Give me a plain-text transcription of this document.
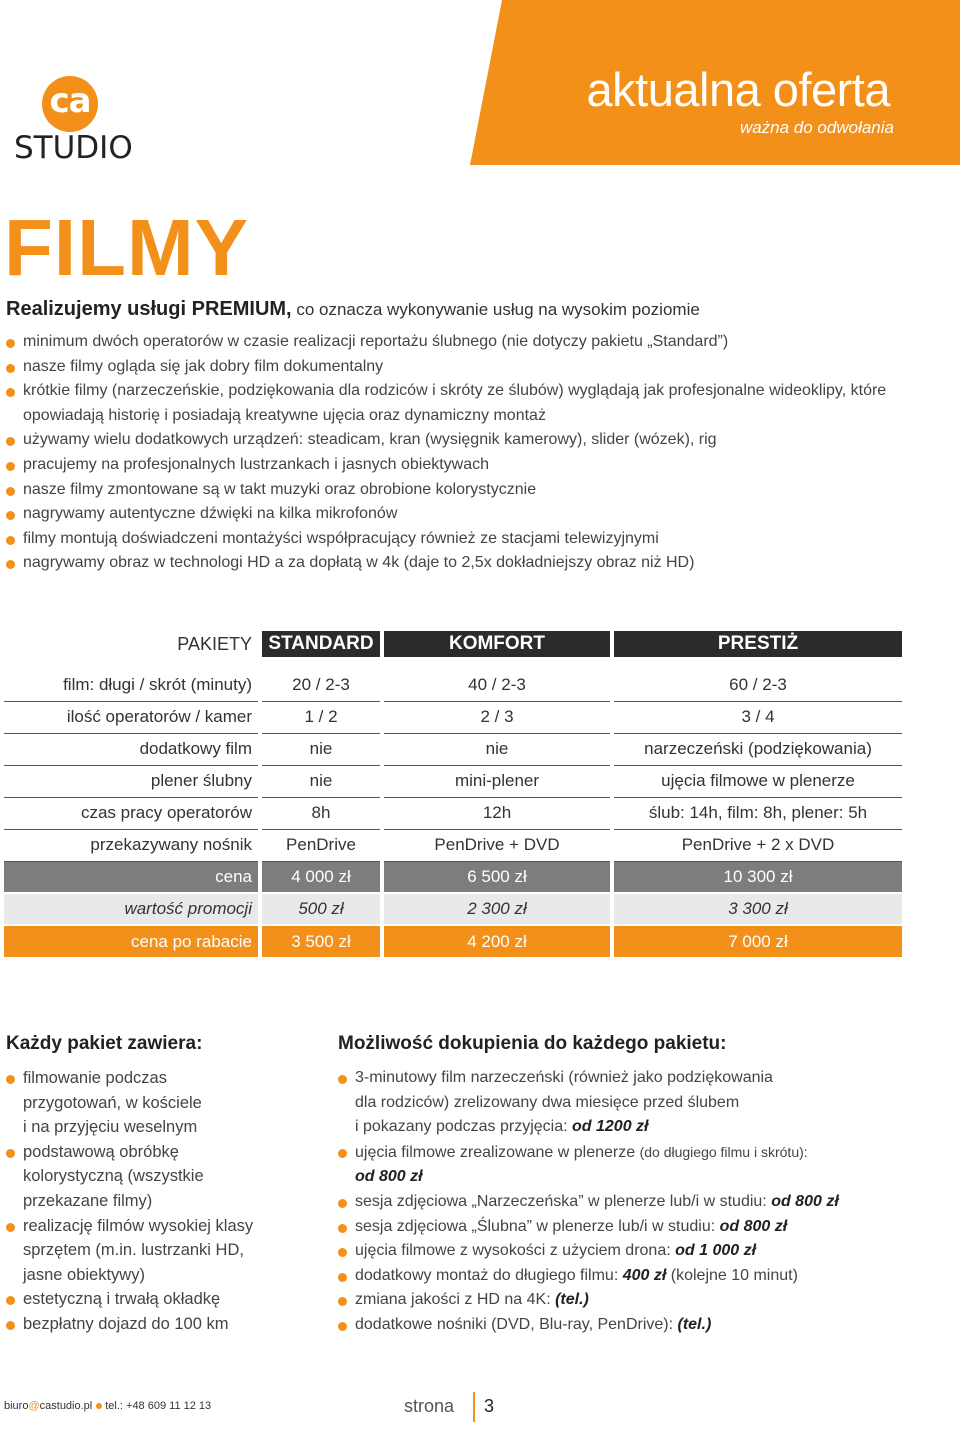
aktualna oferta
ważna do odwołania
ca
STUDIO
FILMY
Realizujemy usługi PREMIUM, co oznacza wykonywanie usług na wysokim poziomie
minimum dwóch operatorów w czasie realizacji reportażu ślubnego (nie dotyczy pakietu „Standard”)
nasze filmy ogląda się jak dobry film dokumentalny
krótkie filmy (narzeczeńskie, podziękowania dla rodziców i skróty ze ślubów) wyglądają jak profesjonalne wideoklipy, które opowiadają historię i posiadają kreatywne ujęcia oraz dynamiczny montaż
używamy wielu dodatkowych urządzeń: steadicam, kran (wysięgnik kamerowy), slider (wózek), rig
pracujemy na profesjonalnych lustrzankach i jasnych obiektywach
nasze filmy zmontowane są w takt muzyki oraz obrobione kolorystycznie
nagrywamy autentyczne dźwięki na kilka mikrofonów
filmy montują doświadczeni montażyści współpracujący również ze stacjami telewizyjnymi
nagrywamy obraz w technologi HD a za dopłatą w 4k (daje to 2,5x dokładniejszy obraz niż HD)
PAKIETY	STANDARD	KOMFORT	PRESTIŻ

film: długi / skrót (minuty)	20 / 2-3	40 / 2-3	60 / 2-3
ilość operatorów / kamer	1 / 2	2 / 3	3 / 4
dodatkowy film	nie	nie	narzeczeński (podziękowania)
plener ślubny	nie	mini-plener	ujęcia filmowe w plenerze
czas pracy operatorów	8h	12h	ślub: 14h, film: 8h, plener: 5h
przekazywany nośnik	PenDrive	PenDrive + DVD	PenDrive + 2 x DVD
cena	4 000 zł	6 500 zł	10 300 zł
wartość promocji	500 zł	2 300 zł	3 300 zł
cena po rabacie	3 500 zł	4 200 zł	7 000 zł
Każdy pakiet zawiera:
filmowanie podczas
przygotowań, w kościele
i na przyjęciu weselnym
podstawową obróbkę
kolorystyczną (wszystkie
przekazane filmy)
realizację filmów wysokiej klasy
sprzętem (m.in. lustrzanki HD,
jasne obiektywy)
estetyczną i trwałą okładkę
bezpłatny dojazd do 100 km
Możliwość dokupienia do każdego pakietu:
3-minutowy film narzeczeński (również jako podziękowania
dla rodziców) zrelizowany dwa miesięce przed ślubem
i pokazany podczas przyjęcia: od 1200 zł
ujęcia filmowe zrealizowane w plenerze (do długiego filmu i skrótu):
od 800 zł
sesja zdjęciowa „Narzeczeńska” w plenerze lub/i w studiu: od 800 zł
sesja zdjęciowa „Ślubna” w plenerze lub/i w studiu: od 800 zł
ujęcia filmowe z wysokości z użyciem drona: od 1 000 zł
dodatkowy montaż do długiego filmu: 400 zł (kolejne 10 minut)
zmiana jakości z HD na 4K: (tel.)
dodatkowe nośniki (DVD, Blu-ray, PenDrive): (tel.)
biuro@castudio.pl tel.: +48 609 11 12 13	strona 3
